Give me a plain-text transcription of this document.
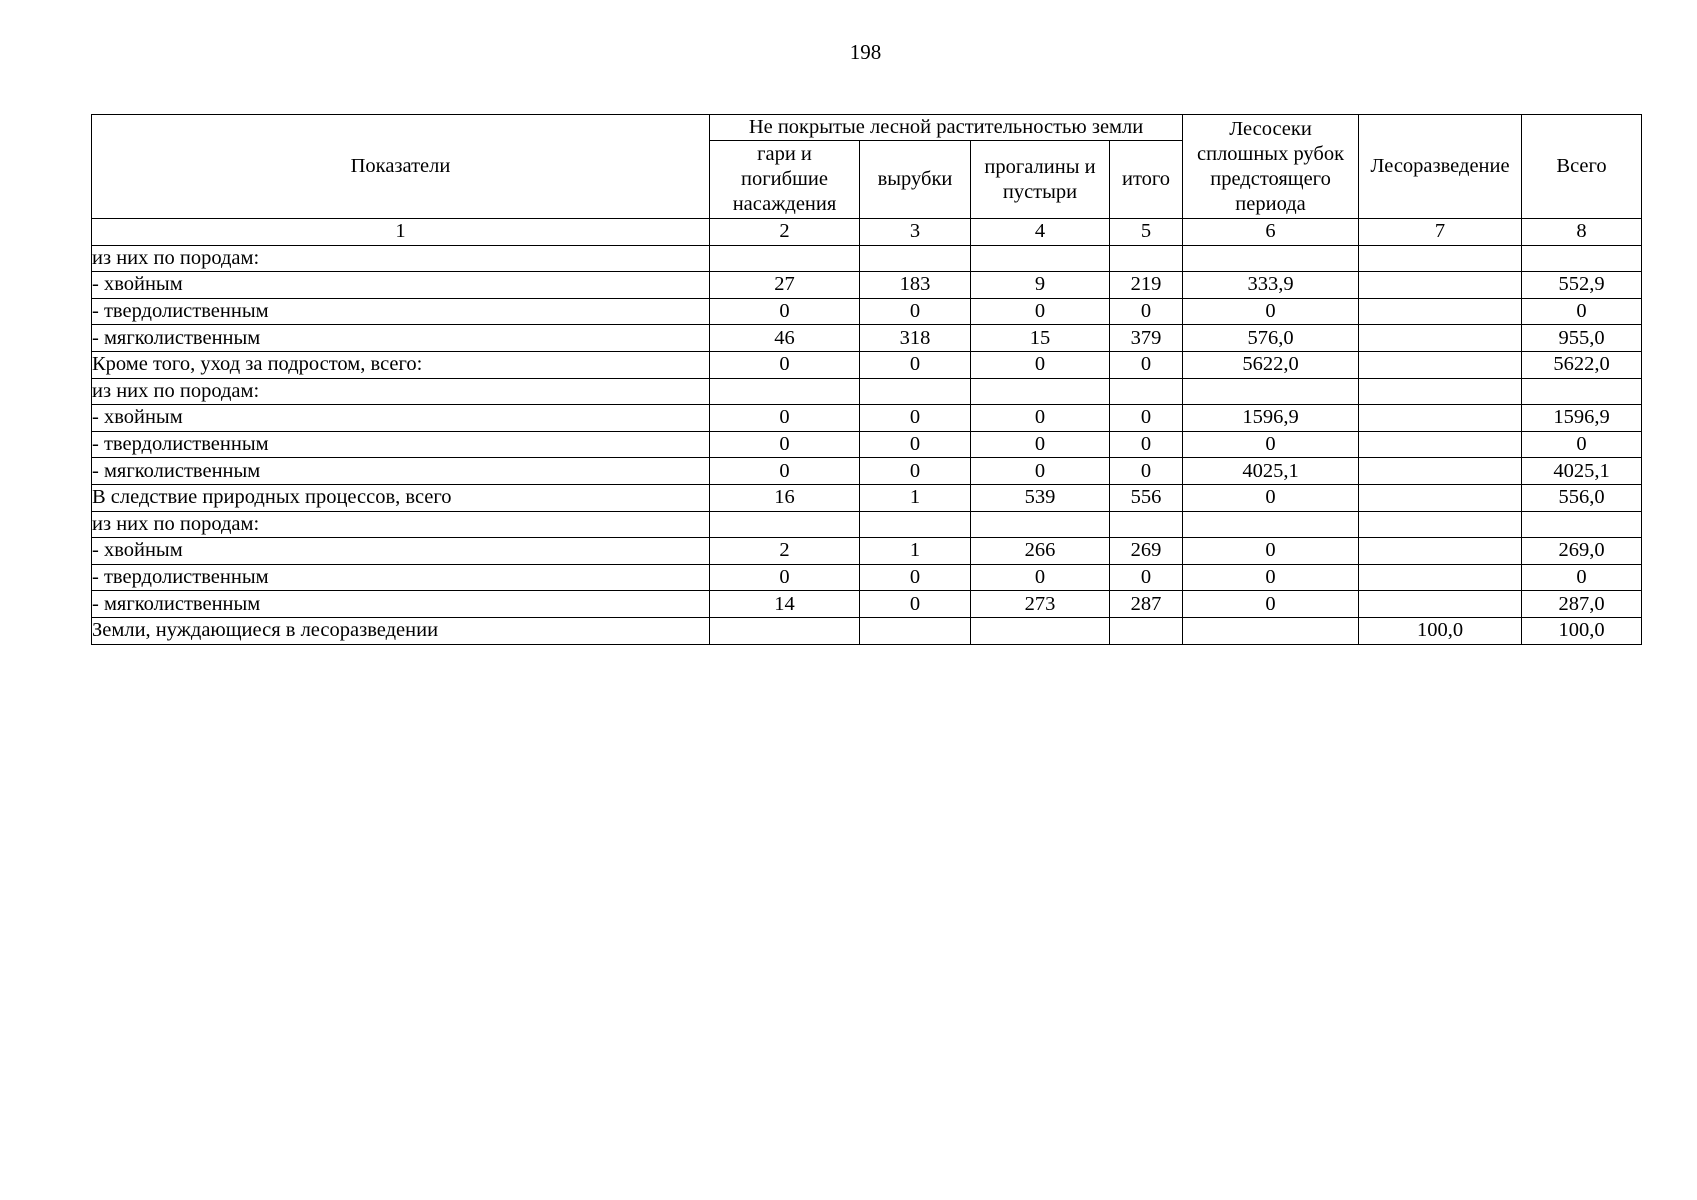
198
Показатели	Не покрытые лесной растительностью земли				Лесосеки сплошных рубок предстоящего периода	Лесоразведение	Всего
	гари и погибшие насаждения	вырубки	прогалины и пустыри	итого			
1	2	3	4	5	6	7	8
из них по породам:							
- хвойным	27	183	9	219	333,9		552,9
- твердолиственным	0	0	0	0	0		0
- мягколиственным	46	318	15	379	576,0		955,0
Кроме того, уход за подростом, всего:	0	0	0	0	5622,0		5622,0
из них по породам:							
- хвойным	0	0	0	0	1596,9		1596,9
- твердолиственным	0	0	0	0	0		0
- мягколиственным	0	0	0	0	4025,1		4025,1
В следствие природных процессов, всего	16	1	539	556	0		556,0
из них по породам:							
- хвойным	2	1	266	269	0		269,0
- твердолиственным	0	0	0	0	0		0
- мягколиственным	14	0	273	287	0		287,0
Земли, нуждающиеся в лесоразведении						100,0	100,0
